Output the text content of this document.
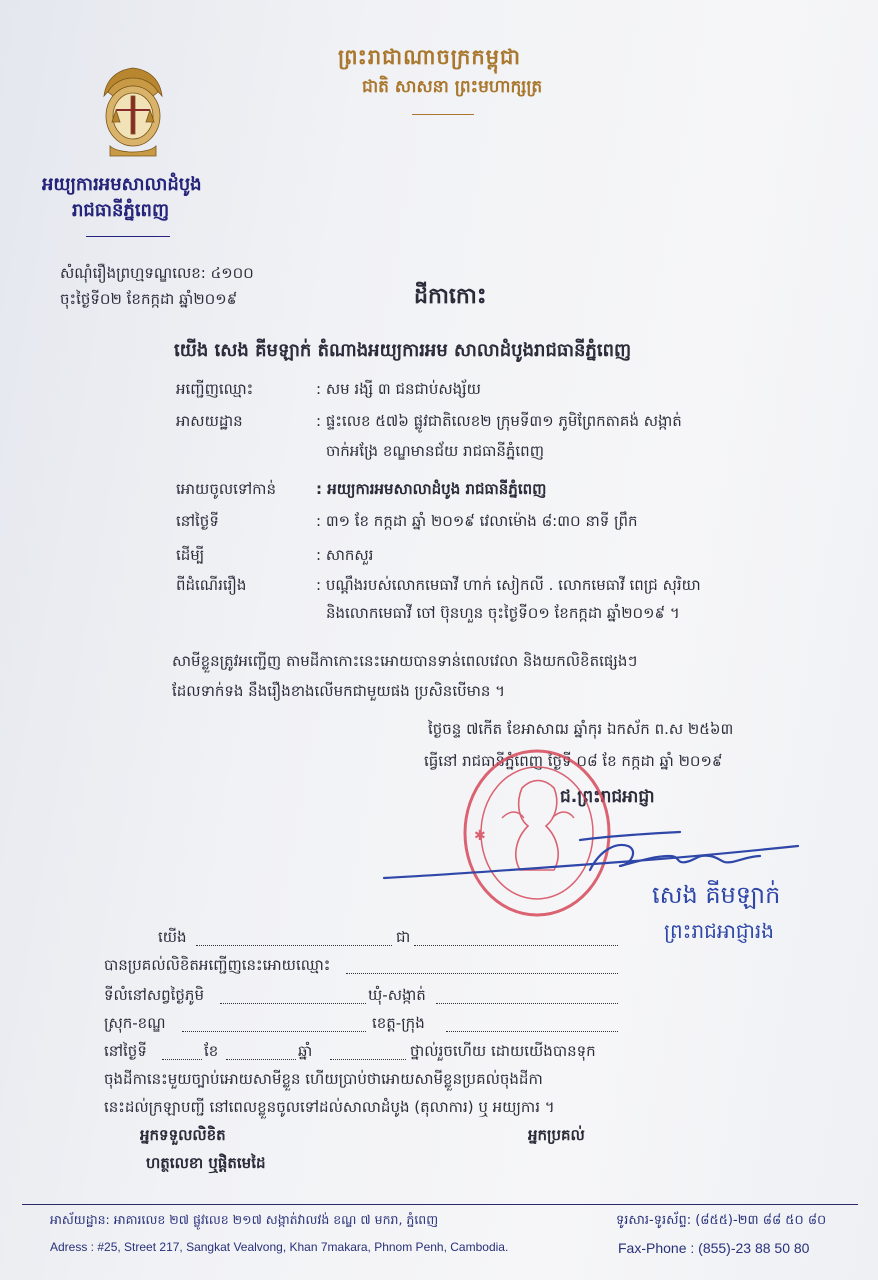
ព្រះរាជាណាចក្រកម្ពុជា
ជាតិ សាសនា ព្រះមហាក្សត្រ
អយ្យការអមសាលាដំបូង
រាជធានីភ្នំពេញ
សំណុំរឿងព្រហ្មទណ្ឌលេខ: ៤១០០
ចុះថ្ងៃទី០២ ខែកក្កដា ឆ្នាំ២០១៩	ដីកាកោះ
យើង សេង គីមឡាក់ តំណាងអយ្យការអម សាលាដំបូងរាជធានីភ្នំពេញ
អញ្ជើញឈ្មោះ	: សម រង្សី ៣ ជនជាប់សង្ស័យ
អាសយដ្ឋាន	: ផ្ទះលេខ ៥៧៦ ផ្លូវជាតិលេខ២ ក្រុមទី៣១ ភូមិព្រែកតាគង់ សង្កាត់
ចាក់អង្រែ ខណ្ឌមានជ័យ រាជធានីភ្នំពេញ
អោយចូលទៅកាន់	: អយ្យការអមសាលាដំបូង រាជធានីភ្នំពេញ
នៅថ្ងៃទី	: ៣១ ខែ កក្កដា ឆ្នាំ ២០១៩ វេលាម៉ោង ៨:៣០ នាទី ព្រឹក
ដើម្បី	: សាកសួរ
ពីដំណើររឿង	: បណ្ដឹងរបស់លោកមេធាវី ហាក់ សៀកលី . លោកមេធាវី ពេជ្រ សុរិយា
និងលោកមេធាវី ចៅ ប៊ុនហួន ចុះថ្ងៃទី០១ ខែកក្កដា ឆ្នាំ២០១៩ ។
សាមីខ្លួនត្រូវអញ្ជើញ តាមដីកាកោះនេះអោយបានទាន់ពេលវេលា និងយកលិខិតផ្សេងៗ
ដែលទាក់ទង នឹងរឿងខាងលើមកជាមួយផង ប្រសិនបើមាន ។
ថ្ងៃចន្ទ ៧កើត ខែអាសាឍ ឆ្នាំកុរ ឯកស័ក ព.ស ២៥៦៣
ធ្វើនៅ រាជធានីភ្នំពេញ ថ្ងៃទី ០៨ ខែ កក្កដា ឆ្នាំ ២០១៩
ជ.ព្រះរាជអាជ្ញា
✱
សេង គីមឡាក់
ព្រះរាជអាជ្ញារង
យើង	ជា
បានប្រគល់លិខិតអញ្ជើញនេះអោយឈ្មោះ
ទីលំនៅសព្វថ្ងៃភូមិ	ឃុំ-សង្កាត់
ស្រុក-ខណ្ឌ	ខេត្ត-ក្រុង
នៅថ្ងៃទី	ខែ	ឆ្នាំ	ថ្នាល់រួចហើយ ដោយយើងបានទុក
ចុងដីកានេះមួយច្បាប់អោយសាមីខ្លួន ហើយប្រាប់ថាអោយសាមីខ្លួនប្រគល់ចុងដីកា
នេះដល់ក្រឡាបញ្ជី នៅពេលខ្លួនចូលទៅដល់សាលាដំបូង (តុលាការ) ឬ អយ្យការ ។
អ្នកទទួលលិខិត
ហត្ថលេខា ឬផ្ដិតមេដៃ
អ្នកប្រគល់
អាស័យដ្ឋាន: អាគារលេខ ២៧ ផ្លូវលេខ ២១៧ សង្កាត់វាលវង់ ខណ្ឌ ៧ មករា, ភ្នំពេញ
Adress : #25, Street 217, Sangkat Vealvong, Khan 7makara, Phnom Penh, Cambodia.
ទូរសារ-ទូរស័ព្ទ: (៨៥៥)-២៣ ៨៨ ៥០ ៨០
Fax-Phone : (855)-23 88 50 80
